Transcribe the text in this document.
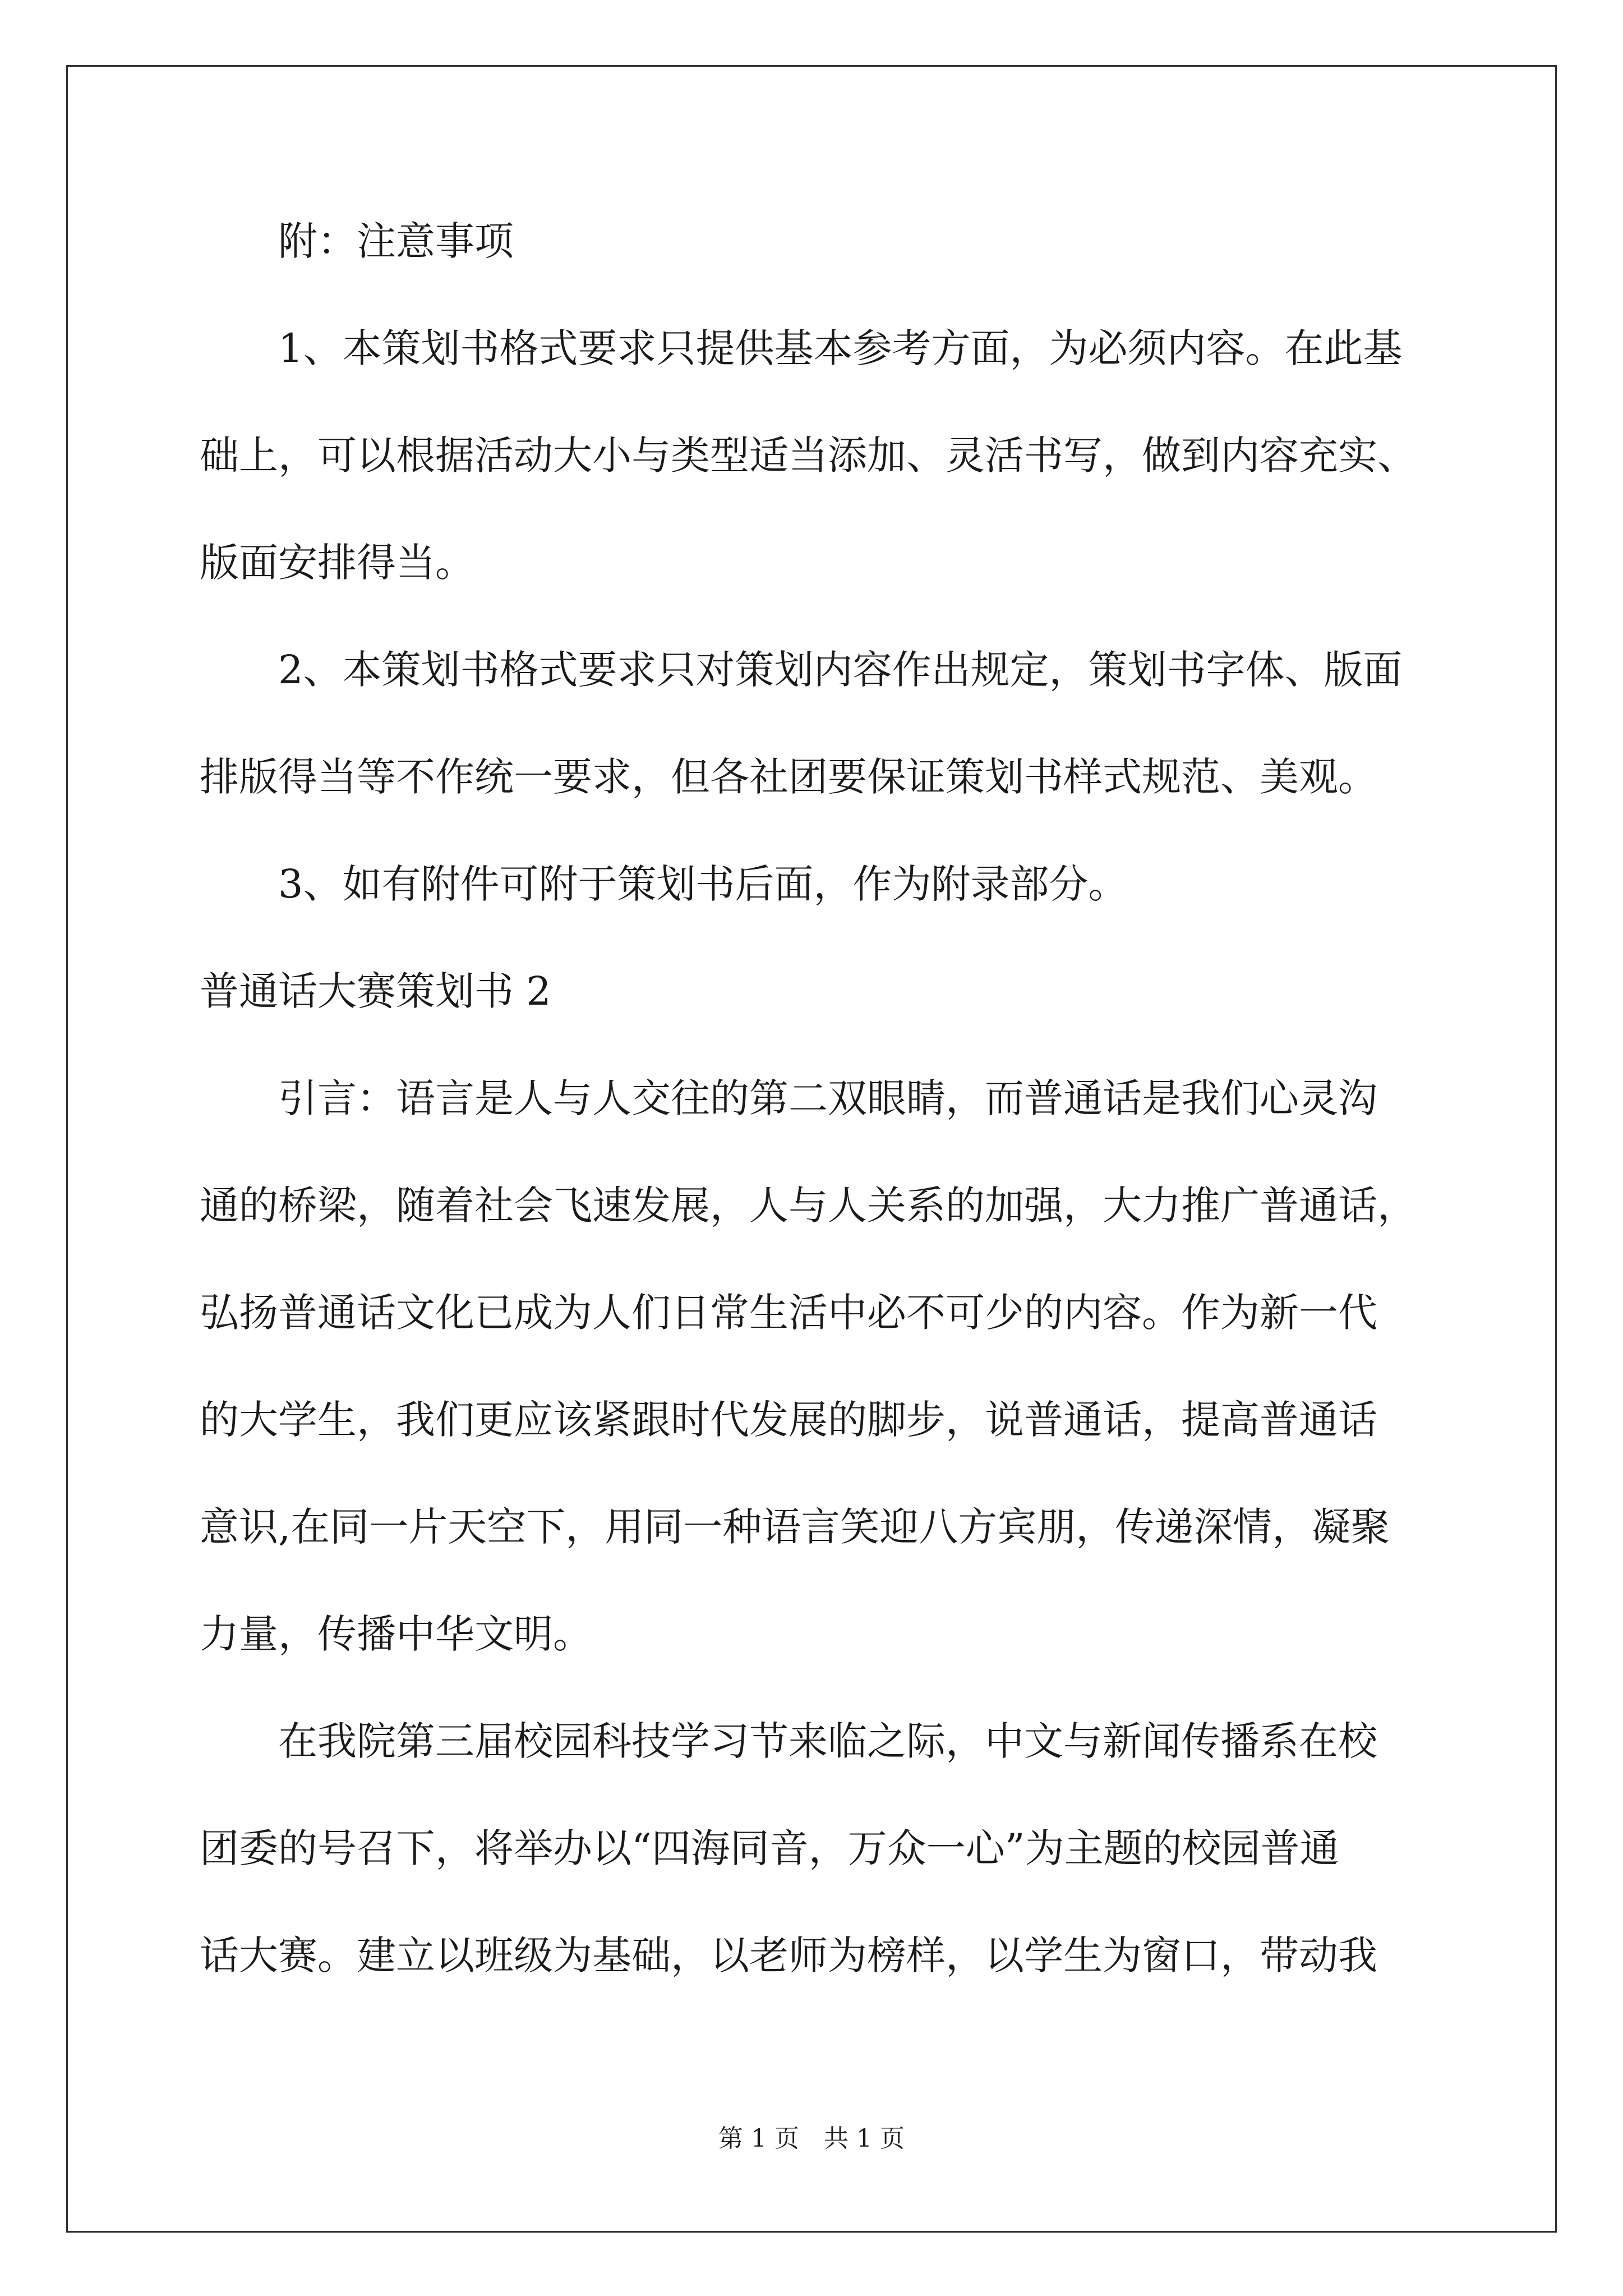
附：注意事项
1、本策划书格式要求只提供基本参考方面，为必须内容。在此基
础上，可以根据活动大小与类型适当添加、灵活书写，做到内容充实、
版面安排得当。
2、本策划书格式要求只对策划内容作出规定，策划书字体、版面
排版得当等不作统一要求，但各社团要保证策划书样式规范、美观。
3、如有附件可附于策划书后面，作为附录部分。
普通话大赛策划书 2
引言：语言是人与人交往的第二双眼睛，而普通话是我们心灵沟
通的桥梁，随着社会飞速发展，人与人关系的加强，大力推广普通话，
弘扬普通话文化已成为人们日常生活中必不可少的内容。作为新一代
的大学生，我们更应该紧跟时代发展的脚步，说普通话，提高普通话
意识,在同一片天空下，用同一种语言笑迎八方宾朋，传递深情，凝聚
力量，传播中华文明。
在我院第三届校园科技学习节来临之际，中文与新闻传播系在校
团委的号召下，将举办以“四海同音，万众一心”为主题的校园普通
话大赛。建立以班级为基础，以老师为榜样，以学生为窗口，带动我
第 1 页　共 1 页
